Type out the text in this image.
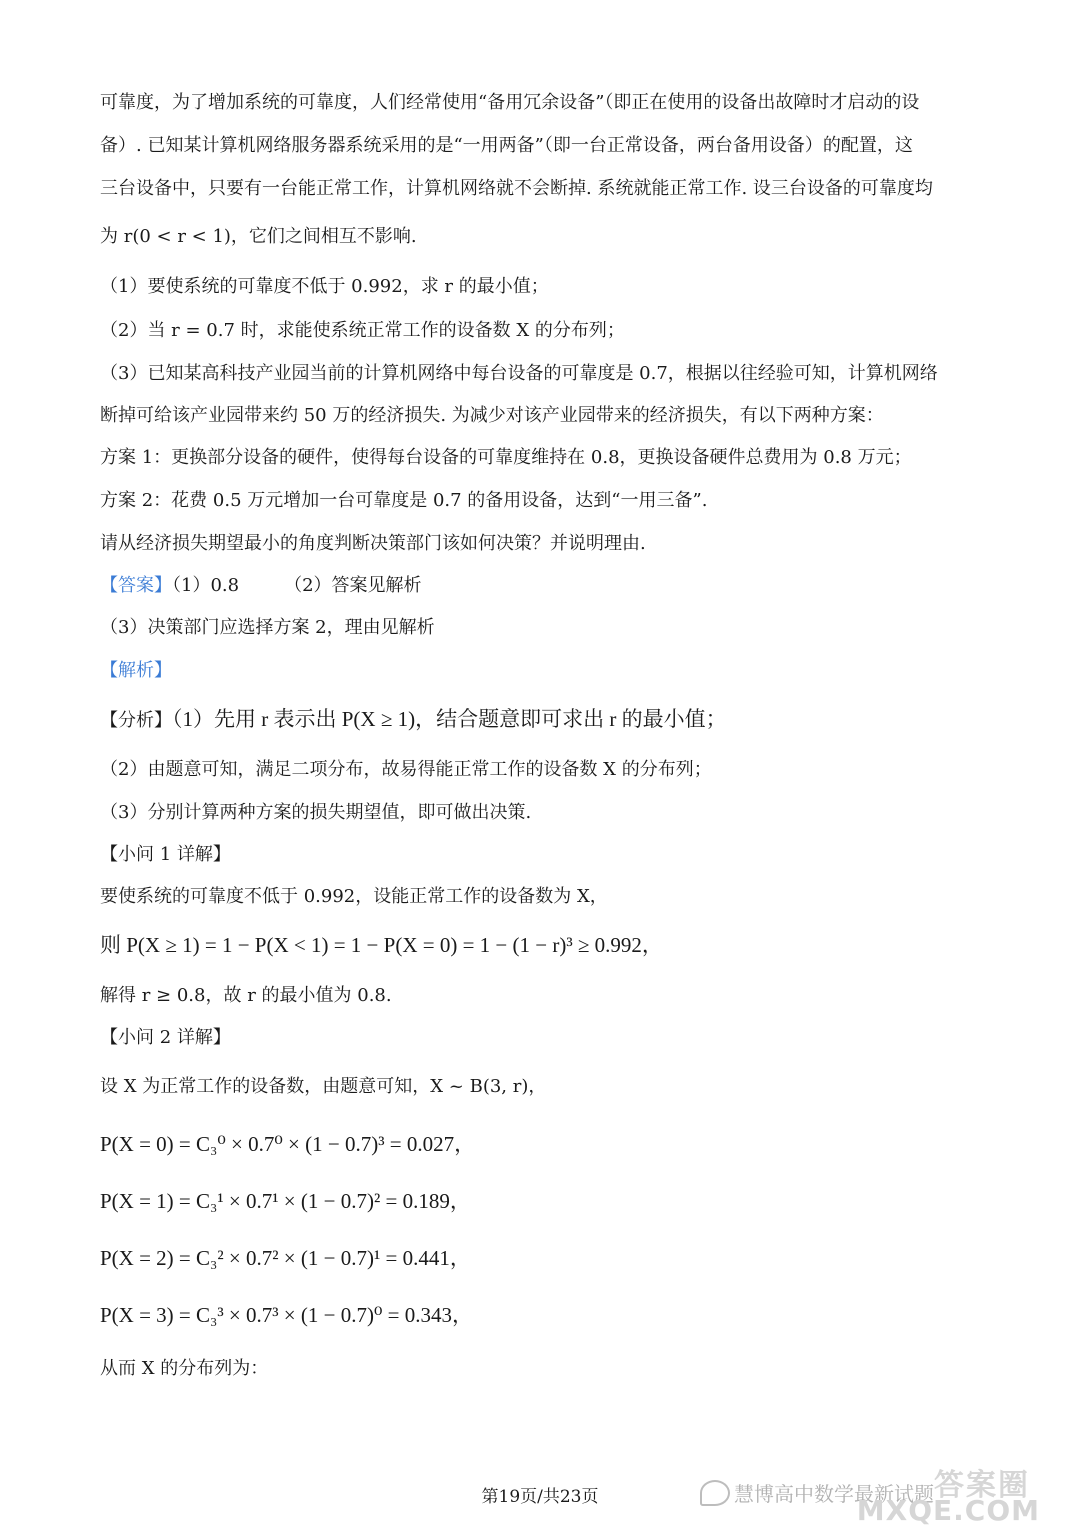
可靠度，为了增加系统的可靠度，人们经常使用“备用冗余设备”（即正在使用的设备出故障时才启动的设
备）. 已知某计算机网络服务器系统采用的是“一用两备”（即一台正常设备，两台备用设备）的配置，这
三台设备中，只要有一台能正常工作，计算机网络就不会断掉. 系统就能正常工作. 设三台设备的可靠度均
为 r(0 < r < 1)，它们之间相互不影响.
（1）要使系统的可靠度不低于 0.992，求 r 的最小值；
（2）当 r = 0.7 时，求能使系统正常工作的设备数 X 的分布列；
（3）已知某高科技产业园当前的计算机网络中每台设备的可靠度是 0.7，根据以往经验可知，计算机网络
断掉可给该产业园带来约 50 万的经济损失. 为减少对该产业园带来的经济损失，有以下两种方案：
方案 1：更换部分设备的硬件，使得每台设备的可靠度维持在 0.8，更换设备硬件总费用为 0.8 万元；
方案 2：花费 0.5 万元增加一台可靠度是 0.7 的备用设备，达到“一用三备”.
请从经济损失期望最小的角度判断决策部门该如何决策？并说明理由.
【答案】（1）0.8　　　（2）答案见解析
（3）决策部门应选择方案 2，理由见解析
【解析】
【分析】（1）先用 r 表示出 P(X ≥ 1)，结合题意即可求出 r 的最小值；
（2）由题意可知，满足二项分布，故易得能正常工作的设备数 X 的分布列；
（3）分别计算两种方案的损失期望值，即可做出决策.
【小问 1 详解】
要使系统的可靠度不低于 0.992，设能正常工作的设备数为 X，
则 P(X ≥ 1) = 1 − P(X < 1) = 1 − P(X = 0) = 1 − (1 − r)³ ≥ 0.992，
解得 r ≥ 0.8，故 r 的最小值为 0.8.
【小问 2 详解】
设 X 为正常工作的设备数，由题意可知，X ~ B(3, r)，
P(X = 0) = C₃⁰ × 0.7⁰ × (1 − 0.7)³ = 0.027，
P(X = 1) = C₃¹ × 0.7¹ × (1 − 0.7)² = 0.189，
P(X = 2) = C₃² × 0.7² × (1 − 0.7)¹ = 0.441，
P(X = 3) = C₃³ × 0.7³ × (1 − 0.7)⁰ = 0.343，
从而 X 的分布列为：
第19页/共23页	慧博高中数学最新试题 答案圈
MXQE.COM
